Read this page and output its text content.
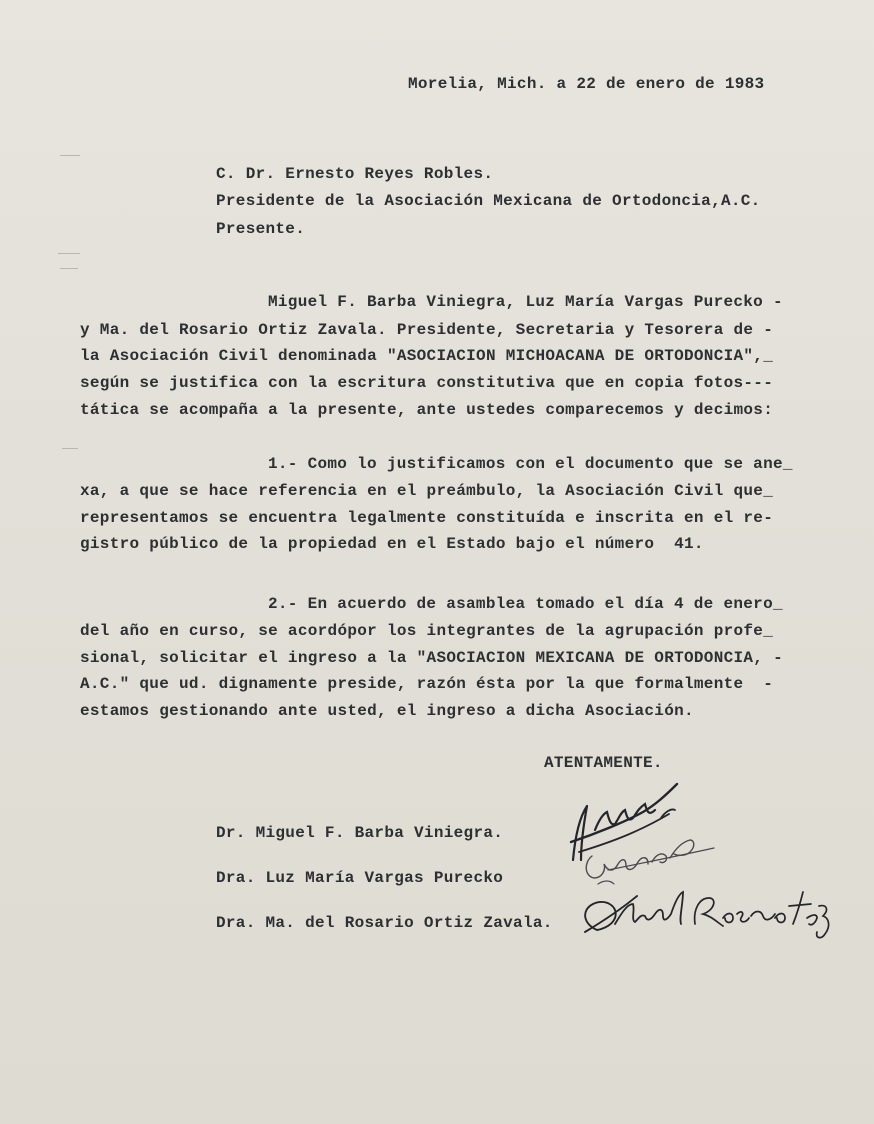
Morelia, Mich. a 22 de enero de 1983
C. Dr. Ernesto Reyes Robles.
Presidente de la Asociación Mexicana de Ortodoncia,A.C.
Presente.
Miguel F. Barba Viniegra, Luz María Vargas Purecko -
y Ma. del Rosario Ortiz Zavala. Presidente, Secretaria y Tesorera de -
la Asociación Civil denominada "ASOCIACION MICHOACANA DE ORTODONCIA",_
según se justifica con la escritura constitutiva que en copia fotos---
tática se acompaña a la presente, ante ustedes comparecemos y decimos:
1.- Como lo justificamos con el documento que se ane_
xa, a que se hace referencia en el preámbulo, la Asociación Civil que_
representamos se encuentra legalmente constituída e inscrita en el re-
gistro público de la propiedad en el Estado bajo el número  41.
2.- En acuerdo de asamblea tomado el día 4 de enero_
del año en curso, se acordópor los integrantes de la agrupación profe_
sional, solicitar el ingreso a la "ASOCIACION MEXICANA DE ORTODONCIA, -
A.C." que ud. dignamente preside, razón ésta por la que formalmente  -
estamos gestionando ante usted, el ingreso a dicha Asociación.
ATENTAMENTE.
Dr. Miguel F. Barba Viniegra.
Dra. Luz María Vargas Purecko
Dra. Ma. del Rosario Ortiz Zavala.
